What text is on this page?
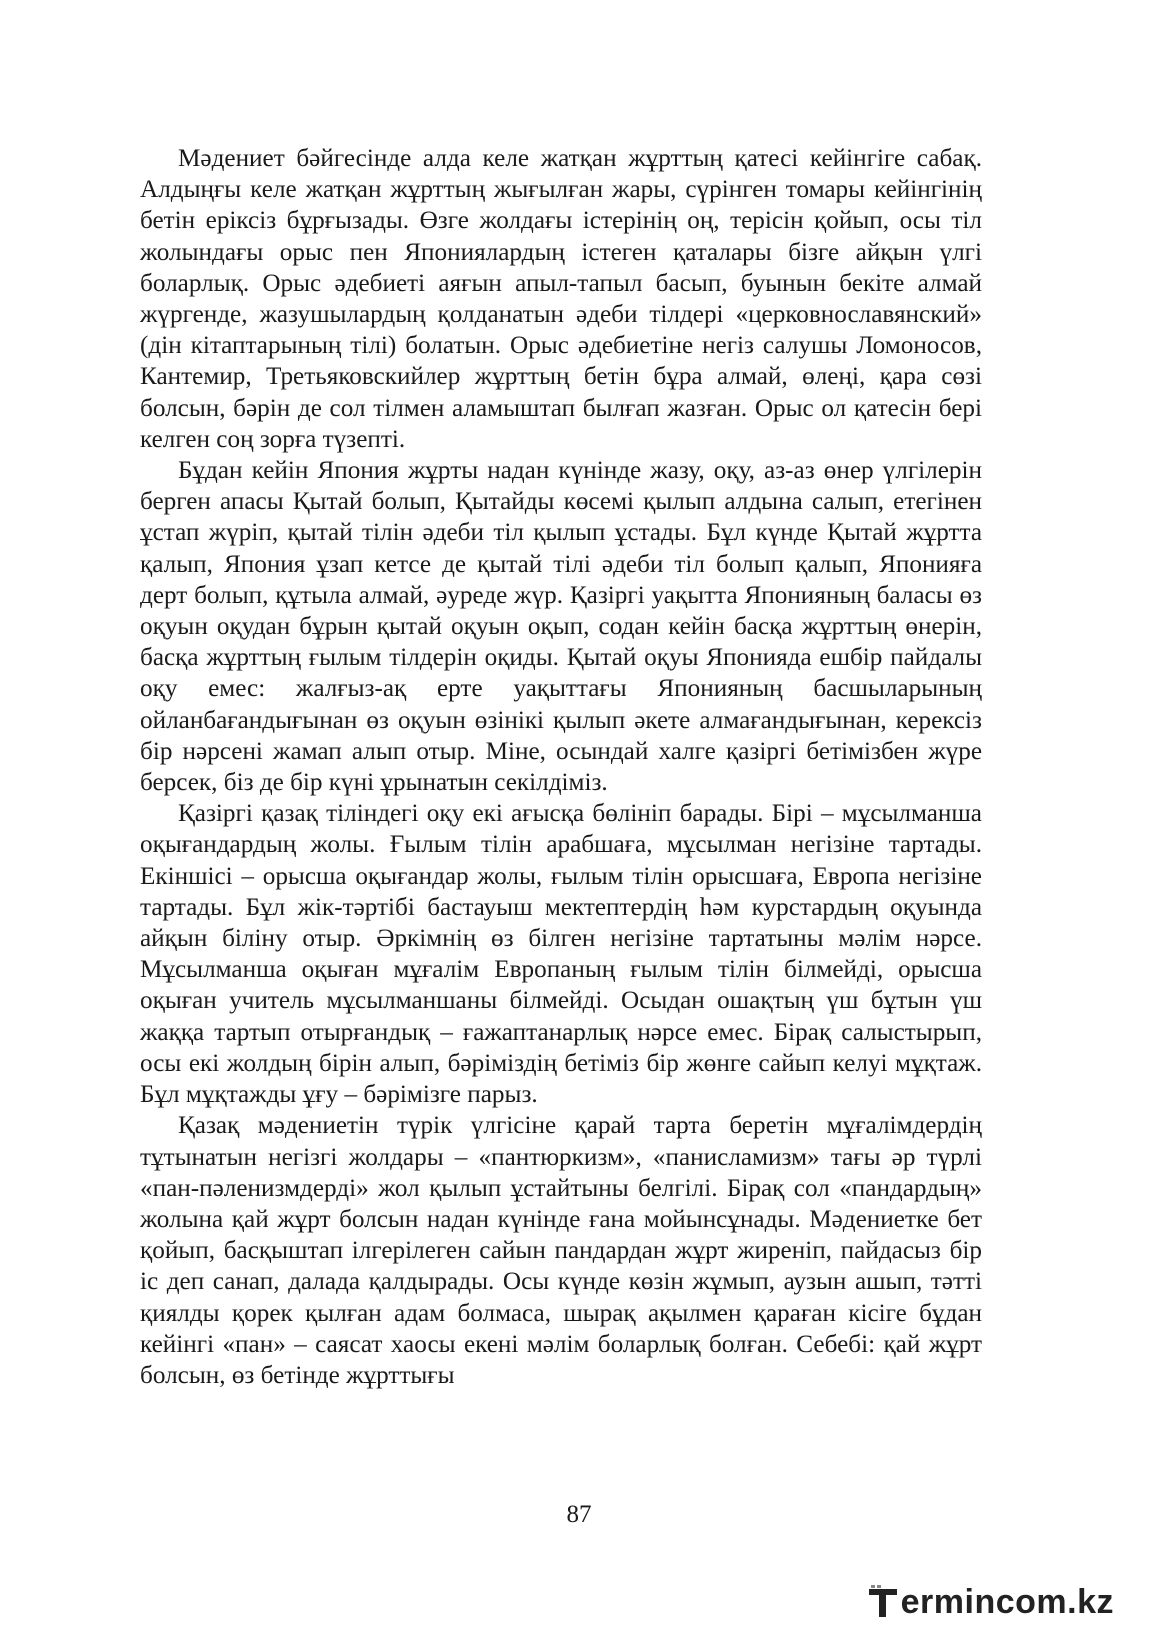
Мәдениет бәйгесінде алда келе жатқан жұрттың қатесі кейінгіге сабақ. Алдыңғы келе жатқан жұрттың жығылған жары, сүрінген томары кейінгінің бетін еріксіз бұрғызады. Өзге жолдағы істерінің оң, терісін қойып, осы тіл жолындағы орыс пен Япониялардың істеген қаталары бізге айқын үлгі боларлық. Орыс әдебиеті аяғын апыл-тапыл басып, буынын бекіте алмай жүргенде, жазушылардың қолданатын әдеби тілдері «церковнославянский» (дін кітаптарының тілі) болатын. Орыс әдебиетіне негіз салушы Ломоносов, Кантемир, Третьяковскийлер жұрттың бетін бұра алмай, өлеңі, қара сөзі болсын, бәрін де сол тілмен аламыштап былғап жазған. Орыс ол қатесін бері келген соң зорға түзепті.

Бұдан кейін Япония жұрты надан күнінде жазу, оқу, аз-аз өнер үлгілерін берген апасы Қытай болып, Қытайды көсемі қылып алдына салып, етегінен ұстап жүріп, қытай тілін әдеби тіл қылып ұстады. Бұл күнде Қытай жұртта қалып, Япония ұзап кетсе де қытай тілі әдеби тіл болып қалып, Японияға дерт болып, құтыла алмай, әуреде жүр. Қазіргі уақытта Японияның баласы өз оқуын оқудан бұрын қытай оқуын оқып, содан кейін басқа жұрттың өнерін, басқа жұрттың ғылым тілдерін оқиды. Қытай оқуы Японияда ешбір пайдалы оқу емес: жалғыз-ақ ерте уақыттағы Японияның басшыларының ойланбағандығынан өз оқуын өзінікі қылып әкете алмағандығынан, керексіз бір нәрсені жамап алып отыр. Міне, осындай халге қазіргі бетімізбен жүре берсек, біз де бір күні ұрынатын секілдіміз.

Қазіргі қазақ тіліндегі оқу екі ағысқа бөлініп барады. Бірі – мұсылманша оқығандардың жолы. Ғылым тілін арабшаға, мұсылман негізіне тартады. Екіншісі – орысша оқығандар жолы, ғылым тілін орысшаға, Европа негізіне тартады. Бұл жік-тәртібі бастауыш мектептердің һәм курстардың оқуында айқын біліну отыр. Әркімнің өз білген негізіне тартатыны мәлім нәрсе. Мұсылманша оқыған мұғалім Европаның ғылым тілін білмейді, орысша оқыған учитель мұсылманшаны білмейді. Осыдан ошақтың үш бұтын үш жаққа тартып отырғандық – ғажаптанарлық нәрсе емес. Бірақ салыстырып, осы екі жолдың бірін алып, бәріміздің бетіміз бір жөнге сайып келуі мұқтаж. Бұл мұқтажды ұғу – бәрімізге парыз.

Қазақ мәдениетін түрік үлгісіне қарай тарта беретін мұғалімдердің тұтынатын негізгі жолдары – «пантюркизм», «панисламизм» тағы әр түрлі «пан-пәленизмдерді» жол қылып ұстайтыны белгілі. Бірақ сол «пандардың» жолына қай жұрт болсын надан күнінде ғана мойынсұнады. Мәдениетке бет қойып, басқыштап ілгерілеген сайын пандардан жұрт жиреніп, пайдасыз бір іс деп санап, далада қалдырады. Осы күнде көзін жұмып, аузын ашып, тәтті қиялды қорек қылған адам болмаса, шырақ ақылмен қараған кісіге бұдан кейінгі «пан» – саясат хаосы екені мәлім боларлық болған. Себебі: қай жұрт болсын, өз бетінде жұрттығы

87
ermincom.kz
